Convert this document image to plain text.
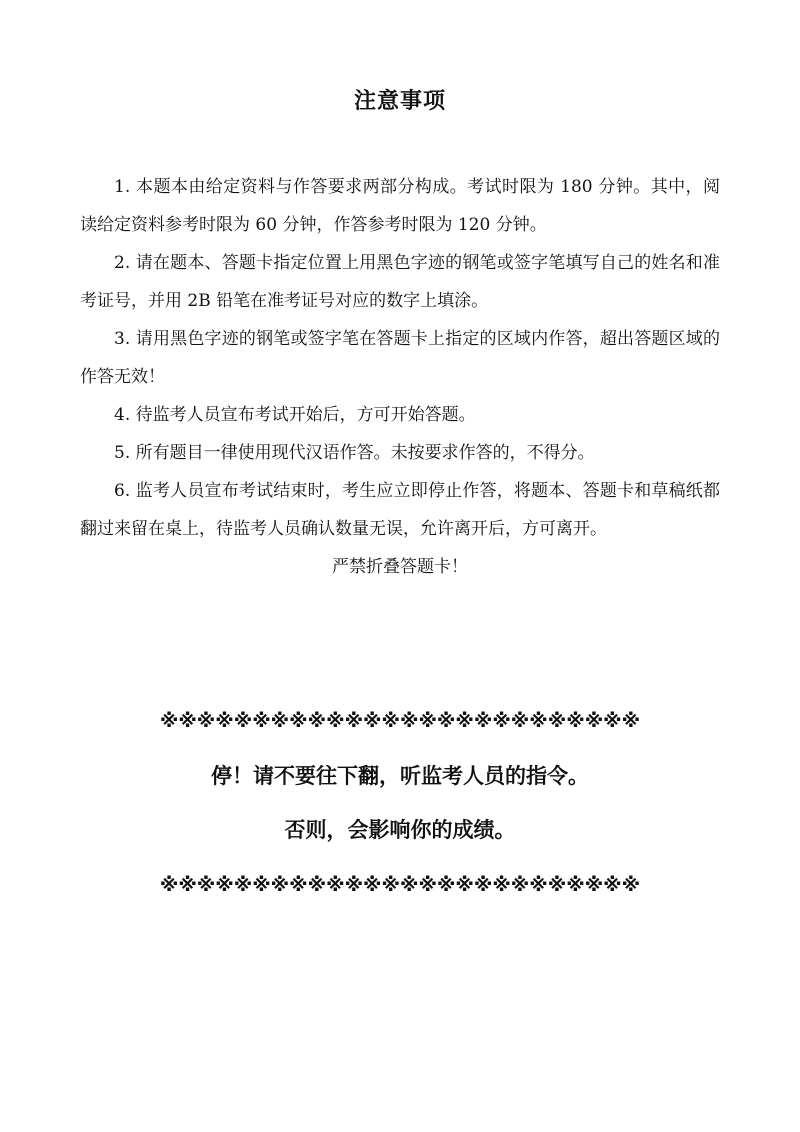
注意事项

1. 本题本由给定资料与作答要求两部分构成。考试时限为 180 分钟。其中，阅读给定资料参考时限为 60 分钟，作答参考时限为 120 分钟。

2. 请在题本、答题卡指定位置上用黑色字迹的钢笔或签字笔填写自己的姓名和准考证号，并用 2B 铅笔在准考证号对应的数字上填涂。

3. 请用黑色字迹的钢笔或签字笔在答题卡上指定的区域内作答，超出答题区域的作答无效！

4. 待监考人员宣布考试开始后，方可开始答题。

5. 所有题目一律使用现代汉语作答。未按要求作答的，不得分。

6. 监考人员宣布考试结束时，考生应立即停止作答，将题本、答题卡和草稿纸都翻过来留在桌上，待监考人员确认数量无误，允许离开后，方可离开。

严禁折叠答题卡！

※※※※※※※※※※※※※※※※※※※※※※※※※※
停！请不要往下翻，听监考人员的指令。
否则，会影响你的成绩。
※※※※※※※※※※※※※※※※※※※※※※※※※※
